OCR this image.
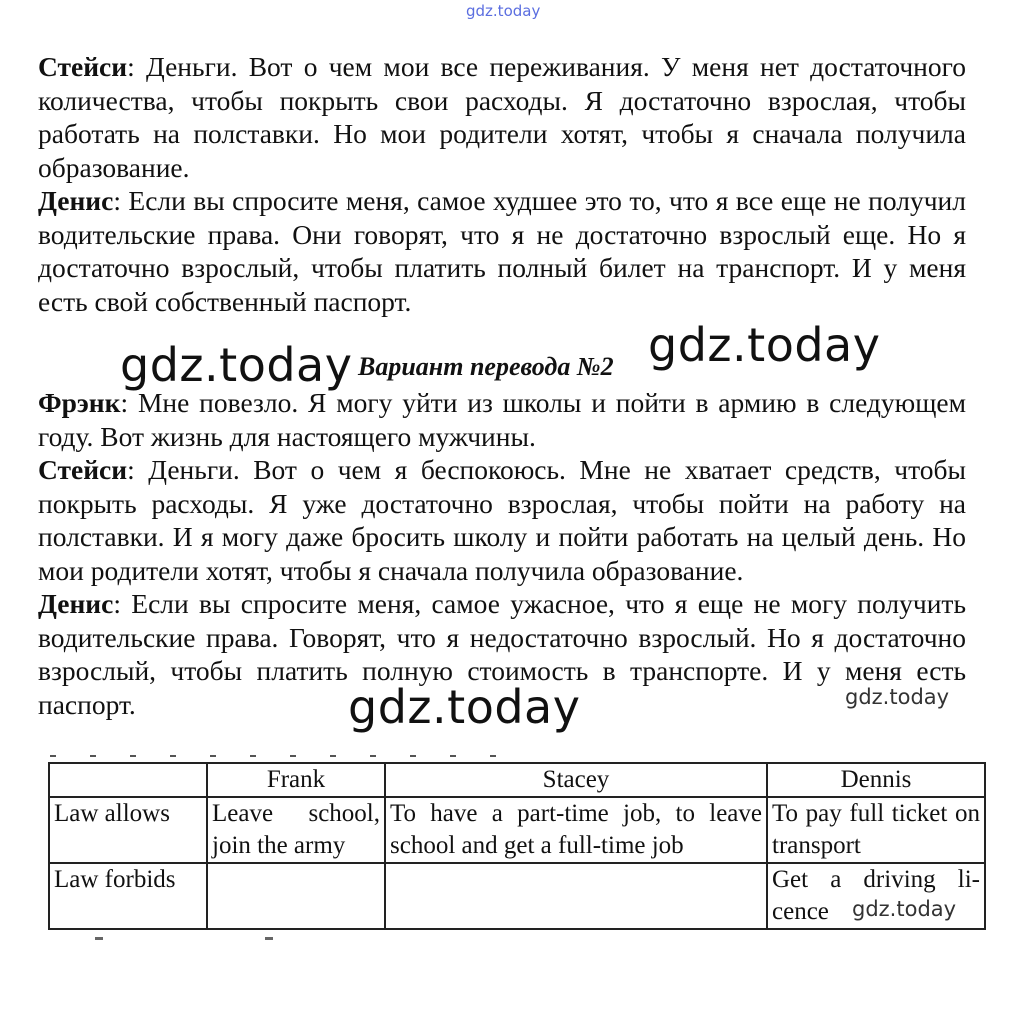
gdz.today
Стейси: Деньги. Вот о чем мои все переживания. У меня нет достаточного количества, чтобы покрыть свои расходы. Я достаточно взрослая, чтобы работать на полставки. Но мои родители хотят, чтобы я сначала получила образование.
Денис: Если вы спросите меня, самое худшее это то, что я все еще не получил водительские права. Они говорят, что я не достаточно взрослый еще. Но я достаточно взрослый, чтобы платить полный билет на транспорт. И у меня есть свой собственный паспорт.
Вариант перевода №2
Фрэнк: Мне повезло. Я могу уйти из школы и пойти в армию в следующем году. Вот жизнь для настоящего мужчины.
Стейси: Деньги. Вот о чем я беспокоюсь. Мне не хватает средств, чтобы покрыть расходы. Я уже достаточно взрослая, чтобы пойти на работу на полставки. И я могу даже бросить школу и пойти работать на целый день. Но мои родители хотят, чтобы я сначала получила образование.
Денис: Если вы спросите меня, самое ужасное, что я еще не могу получить водительские права. Говорят, что я недостаточно взрослый. Но я достаточно взрослый, чтобы платить полную стоимость в транспорте. И у меня есть паспорт.
gdz.today	gdz.today
gdz.today	gdz.today
	Frank	Stacey	Dennis
Law allows	Leave school, join the army	To have a part-time job, to leave school and get a full-time job	To pay full ticket on transport
Law forbids			Get a driving li-cence gdz.today
